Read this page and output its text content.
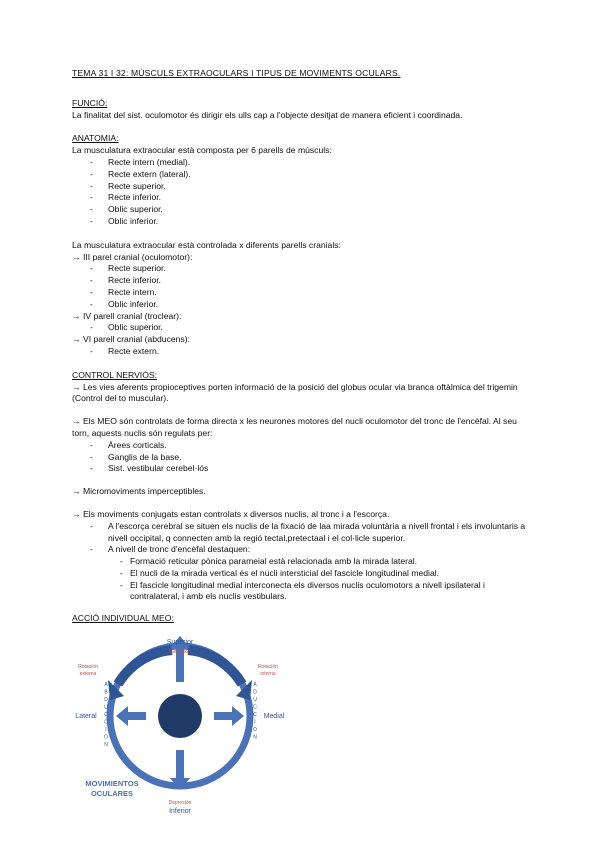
TEMA 31 I 32: MÚSCULS EXTRAOCULARS I TIPUS DE MOVIMENTS OCULARS.

FUNCIÓ:

La finalitat del sist. oculomotor és dirigir els ulls cap a l'objecte desitjat de manera eficient i coordinada.

ANATOMIA:

La musculatura extraocular està composta per 6 parells de músculs:

- Recte intern (medial).
- Recte extern (lateral).
- Recte superior.
- Recte inferior.
- Oblic superior.
- Oblic inferior.

La musculatura extraocular està controlada x diferents parells cranials:

→ III parel cranial (oculomotor):

- Recte superior.
- Recte inferior.
- Recte intern.
- Oblic inferior.

→ IV parell cranial (troclear):

- Oblic superior.

→ VI parell cranial (abducens):

- Recte extern.

CONTROL NERVIÓS:

→ Les vies aferents propioceptives porten informació de la posició del globus ocular via branca oftàlmica del trigemin (Control del to muscular).

→ Els MEO són controlats de forma directa x les neurones motores del nucli oculomotor del tronc de l'encèfal. Al seu torn, aquests nuclis són regulats per:

- Àrees corticals.
- Ganglis de la base.
- Sist. vestibular cerebel·lós

→ Micromoviments imperceptibles.

→ Els moviments conjugats estan controlats x diversos nuclis, al tronc i a l'escorça.

- A l'escorça cerebral se situen els nuclis de la fixació de laa mirada voluntària a nivell frontal i els involuntaris a nivell occipital, q connecten amb la regió tectal,pretectaal i el col·licle superior.
- A nivell de tronc d'encèfal destaquen:
- Formació reticular pònica parameial està relacionada amb la mirada lateral.
- El nucli de la mirada vertical és el nucli intersticial del fascicle longitudinal medial.
- El fascicle longitudinal medial interconecta els diversos nuclis oculomotors a nivell ipsilateral i contralateral, i amb els nuclis vestibulars.

ACCIÓ INDIVIDUAL MEO:

Superior
Elevación
Rotación
externa
Rotación
interna
Lateral	Medial
A
B
D
U
C
C
I
O
N
A
D
U
C
C
I
O
N
Depresión
Inferior
MOVIMIENTOS
OCULARES
